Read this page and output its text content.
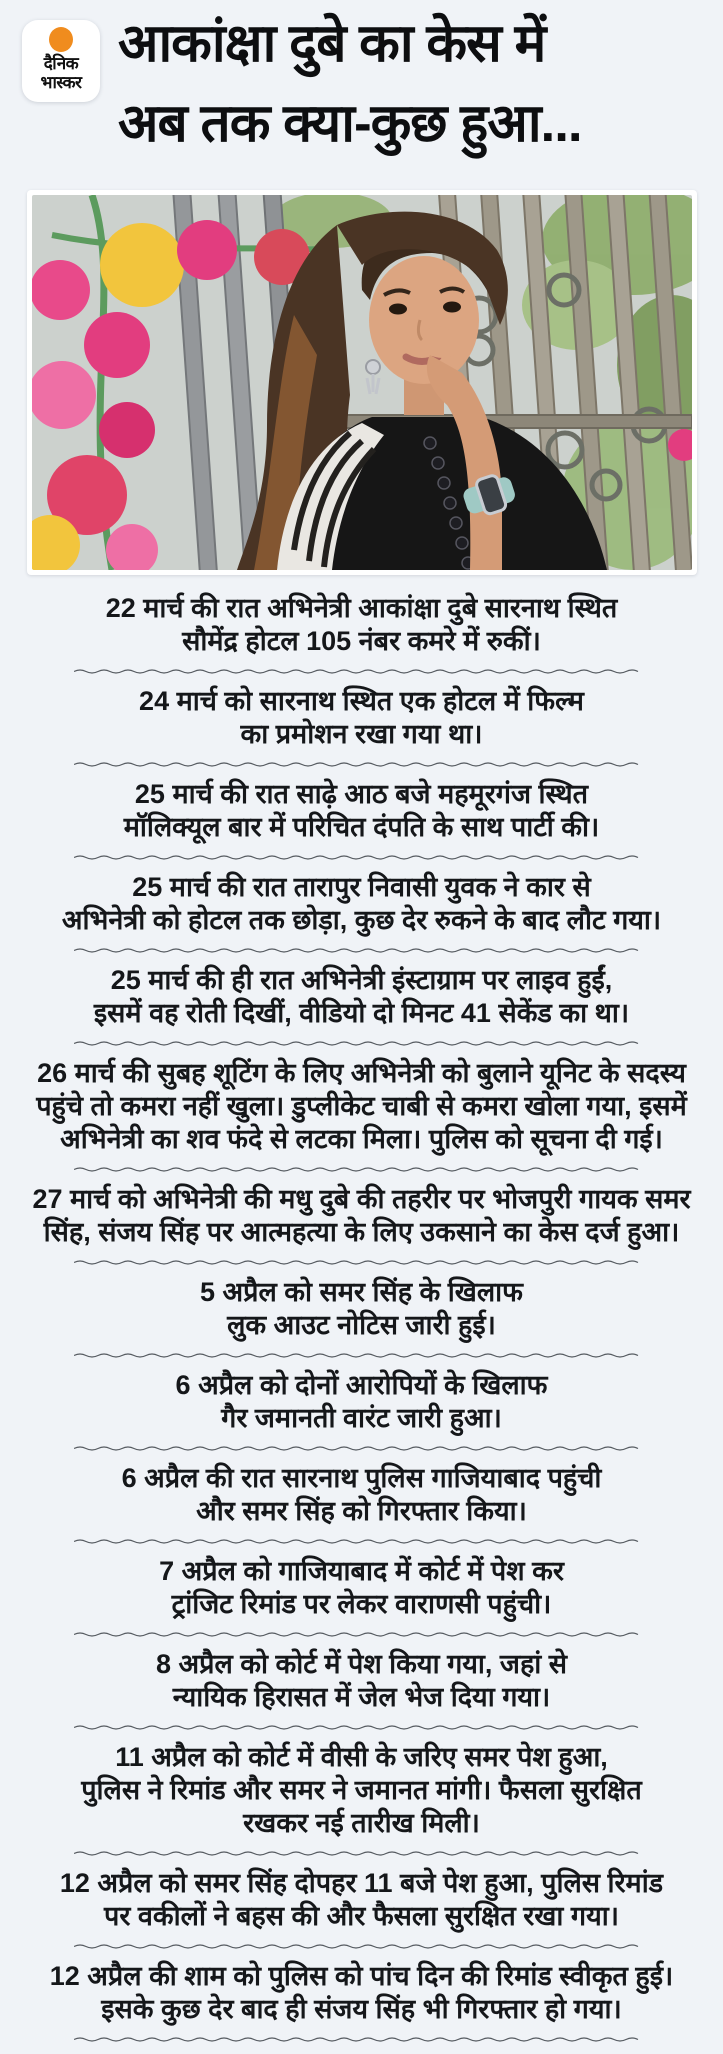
दैनिक
भास्कर
आकांक्षा दुबे का केस में
अब तक क्या-कुछ हुआ...
22 मार्च की रात अभिनेत्री आकांक्षा दुबे सारनाथ स्थित
सौमेंद्र होटल 105 नंबर कमरे में रुकीं।
24 मार्च को सारनाथ स्थित एक होटल में फिल्म
का प्रमोशन रखा गया था।
25 मार्च की रात साढ़े आठ बजे महमूरगंज स्थित
मॉलिक्यूल बार में परिचित दंपति के साथ पार्टी की।
25 मार्च की रात तारापुर निवासी युवक ने कार से
अभिनेत्री को होटल तक छोड़ा, कुछ देर रुकने के बाद लौट गया।
25 मार्च की ही रात अभिनेत्री इंस्टाग्राम पर लाइव हुईं,
इसमें वह रोती दिखीं, वीडियो दो मिनट 41 सेकेंड का था।
26 मार्च की सुबह शूटिंग के लिए अभिनेत्री को बुलाने यूनिट के सदस्य
पहुंचे तो कमरा नहीं खुला। डुप्लीकेट चाबी से कमरा खोला गया, इसमें
अभिनेत्री का शव फंदे से लटका मिला। पुलिस को सूचना दी गई।
27 मार्च को अभिनेत्री की मधु दुबे की तहरीर पर भोजपुरी गायक समर
सिंह, संजय सिंह पर आत्महत्या के लिए उकसाने का केस दर्ज हुआ।
5 अप्रैल को समर सिंह के खिलाफ
लुक आउट नोटिस जारी हुई।
6 अप्रैल को दोनों आरोपियों के खिलाफ
गैर जमानती वारंट जारी हुआ।
6 अप्रैल की रात सारनाथ पुलिस गाजियाबाद पहुंची
और समर सिंह को गिरफ्तार किया।
7 अप्रैल को गाजियाबाद में कोर्ट में पेश कर
ट्रांजिट रिमांड पर लेकर वाराणसी पहुंची।
8 अप्रैल को कोर्ट में पेश किया गया, जहां से
न्यायिक हिरासत में जेल भेज दिया गया।
11 अप्रैल को कोर्ट में वीसी के जरिए समर पेश हुआ,
पुलिस ने रिमांड और समर ने जमानत मांगी। फैसला सुरक्षित
रखकर नई तारीख मिली।
12 अप्रैल को समर सिंह दोपहर 11 बजे पेश हुआ, पुलिस रिमांड
पर वकीलों ने बहस की और फैसला सुरक्षित रखा गया।
12 अप्रैल की शाम को पुलिस को पांच दिन की रिमांड स्वीकृत हुई।
इसके कुछ देर बाद ही संजय सिंह भी गिरफ्तार हो गया।
